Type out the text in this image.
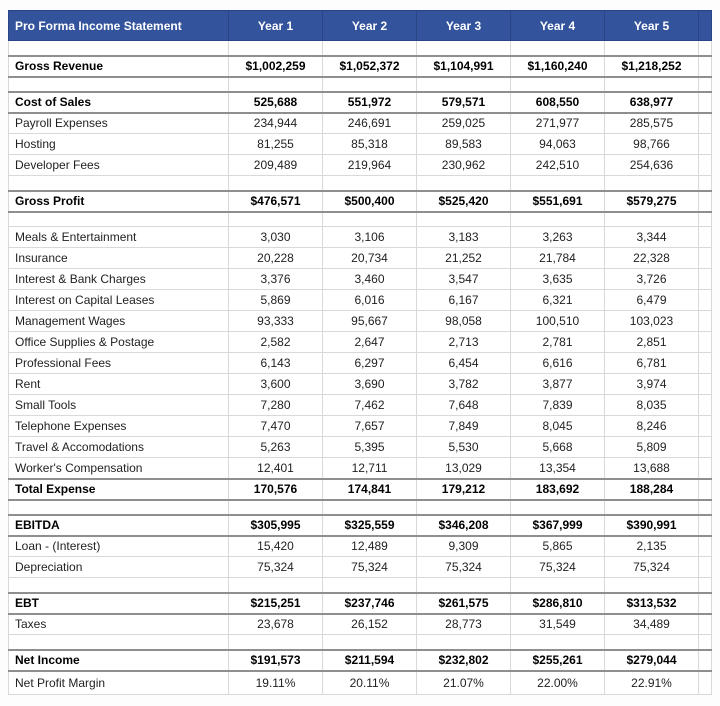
Pro Forma Income Statement	Year 1	Year 2	Year 3	Year 4	Year 5	

Gross Revenue	$1,002,259	$1,052,372	$1,104,991	$1,160,240	$1,218,252	

Cost of Sales	525,688	551,972	579,571	608,550	638,977	
Payroll Expenses	234,944	246,691	259,025	271,977	285,575	
Hosting	81,255	85,318	89,583	94,063	98,766	
Developer Fees	209,489	219,964	230,962	242,510	254,636	

Gross Profit	$476,571	$500,400	$525,420	$551,691	$579,275	

Meals & Entertainment	3,030	3,106	3,183	3,263	3,344	
Insurance	20,228	20,734	21,252	21,784	22,328	
Interest & Bank Charges	3,376	3,460	3,547	3,635	3,726	
Interest on Capital Leases	5,869	6,016	6,167	6,321	6,479	
Management Wages	93,333	95,667	98,058	100,510	103,023	
Office Supplies & Postage	2,582	2,647	2,713	2,781	2,851	
Professional Fees	6,143	6,297	6,454	6,616	6,781	
Rent	3,600	3,690	3,782	3,877	3,974	
Small Tools	7,280	7,462	7,648	7,839	8,035	
Telephone Expenses	7,470	7,657	7,849	8,045	8,246	
Travel & Accomodations	5,263	5,395	5,530	5,668	5,809	
Worker's Compensation	12,401	12,711	13,029	13,354	13,688	
Total Expense	170,576	174,841	179,212	183,692	188,284	

EBITDA	$305,995	$325,559	$346,208	$367,999	$390,991	
Loan - (Interest)	15,420	12,489	9,309	5,865	2,135	
Depreciation	75,324	75,324	75,324	75,324	75,324	

EBT	$215,251	$237,746	$261,575	$286,810	$313,532	
Taxes	23,678	26,152	28,773	31,549	34,489	

Net Income	$191,573	$211,594	$232,802	$255,261	$279,044	
Net Profit Margin	19.11%	20.11%	21.07%	22.00%	22.91%	
